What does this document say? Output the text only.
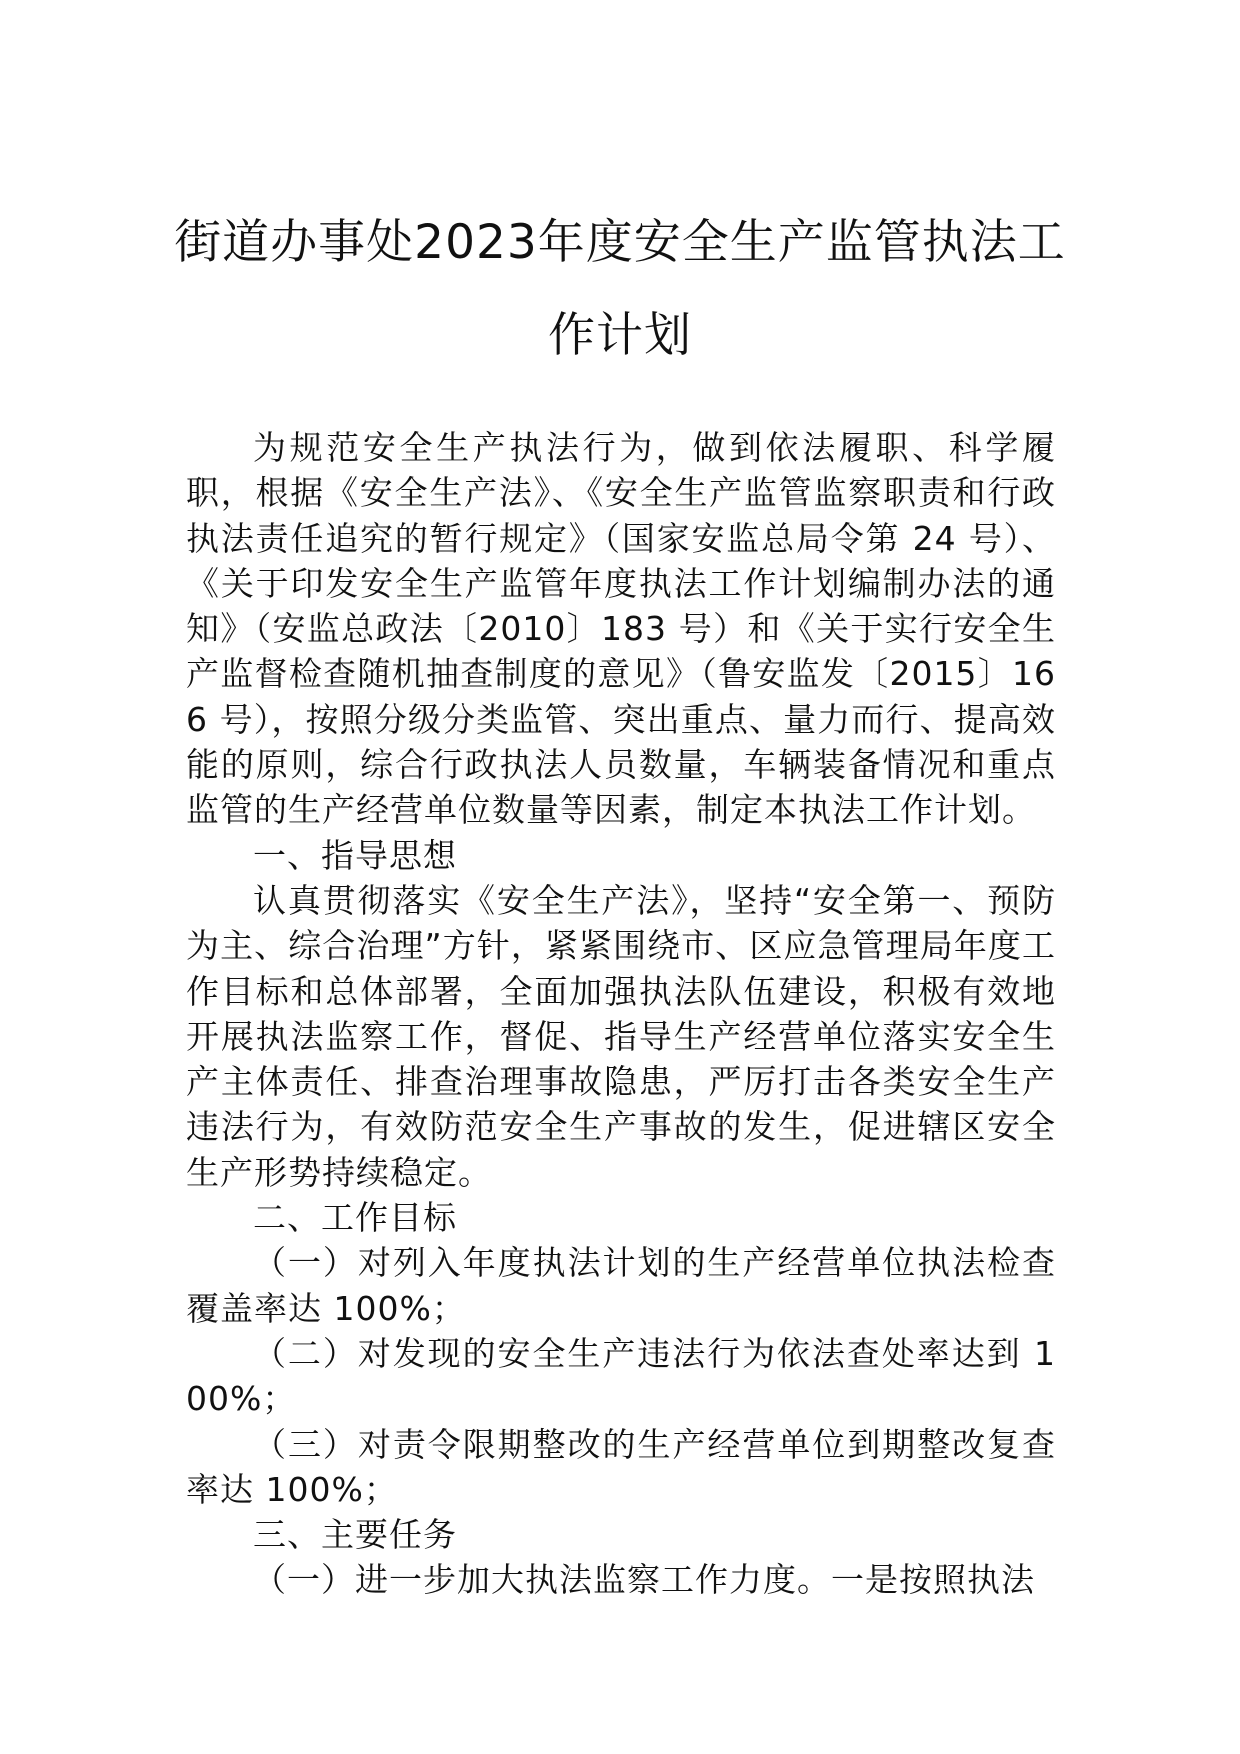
街道办事处2023年度安全生产监管执法工
作计划

为规范安全生产执法行为，做到依法履职、科学履职，根据《安全生产法》、《安全生产监管监察职责和行政执法责任追究的暂行规定》（国家安监总局令第 24 号）、《关于印发安全生产监管年度执法工作计划编制办法的通知》（安监总政法〔2010〕183 号）和《关于实行安全生产监督检查随机抽查制度的意见》（鲁安监发〔2015〕166 号），按照分级分类监管、突出重点、量力而行、提高效能的原则，综合行政执法人员数量，车辆装备情况和重点监管的生产经营单位数量等因素，制定本执法工作计划。

一、指导思想

认真贯彻落实《安全生产法》，坚持“安全第一、预防为主、综合治理”方针，紧紧围绕市、区应急管理局年度工作目标和总体部署，全面加强执法队伍建设，积极有效地开展执法监察工作，督促、指导生产经营单位落实安全生产主体责任、排查治理事故隐患，严厉打击各类安全生产违法行为，有效防范安全生产事故的发生，促进辖区安全生产形势持续稳定。

二、工作目标

（一）对列入年度执法计划的生产经营单位执法检查覆盖率达 100%；

（二）对发现的安全生产违法行为依法查处率达到 100%；

（三）对责令限期整改的生产经营单位到期整改复查率达 100%；

三、主要任务

（一）进一步加大执法监察工作力度。一是按照执法
